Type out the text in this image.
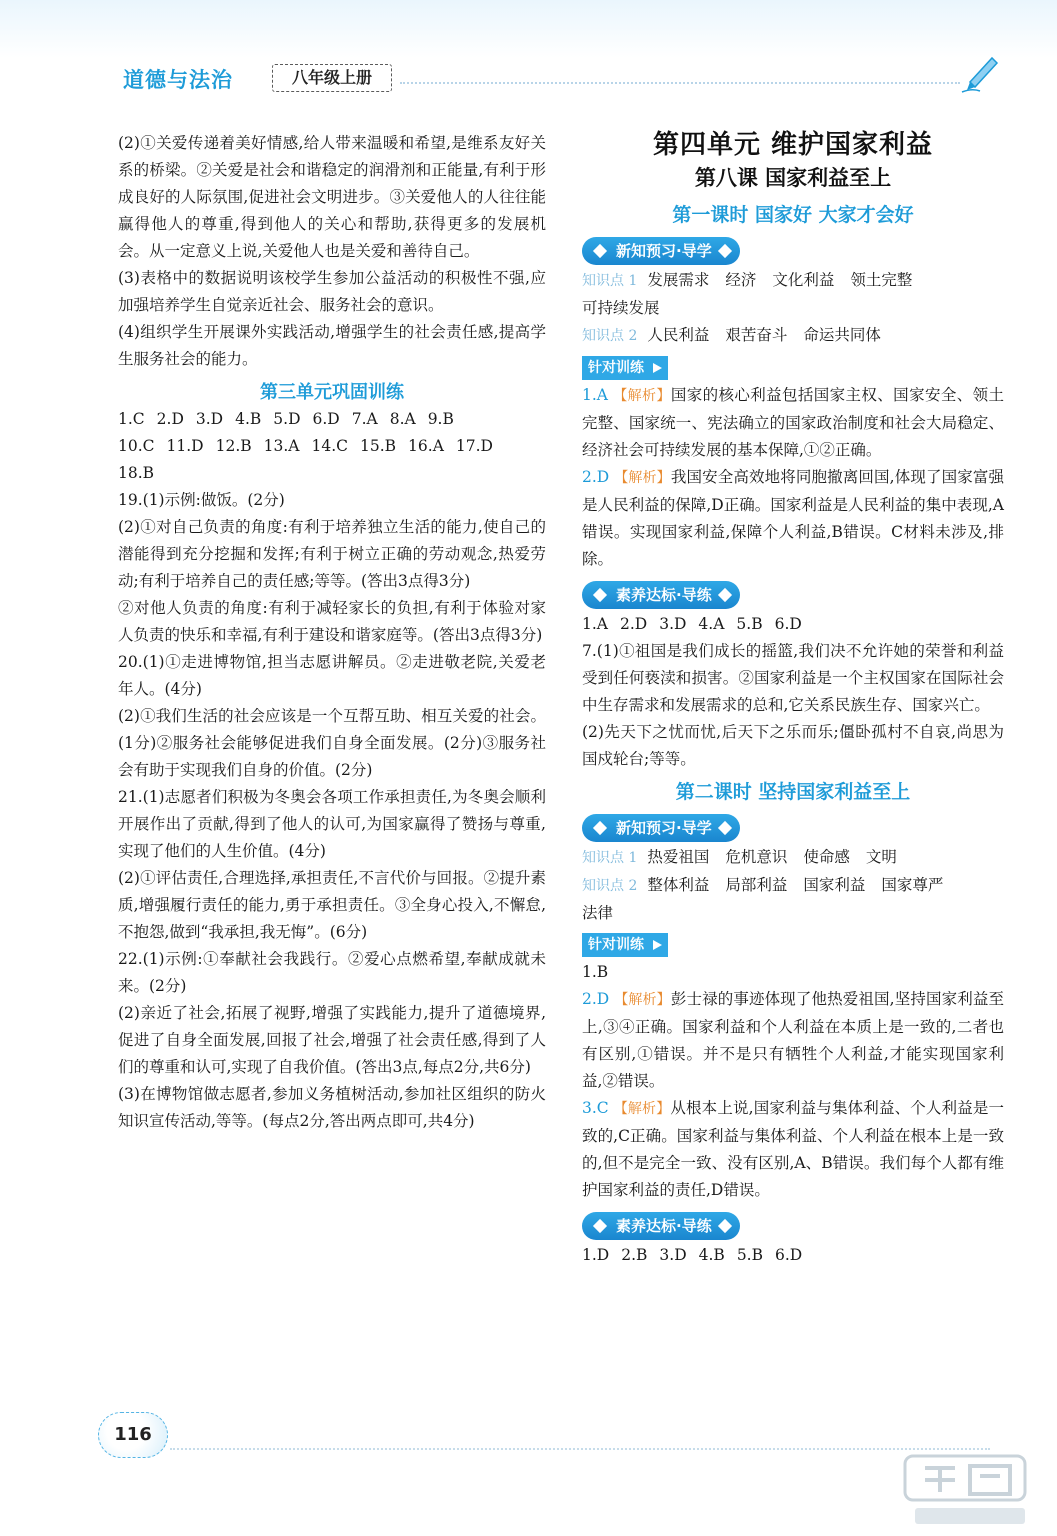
道德与法治	八年级上册

(2)①关爱传递着美好情感,给人带来温暖和希望,是维系友好关系的桥梁。②关爱是社会和谐稳定的润滑剂和正能量,有利于形成良好的人际氛围,促进社会文明进步。③关爱他人的人往往能赢得他人的尊重,得到他人的关心和帮助,获得更多的发展机会。从一定意义上说,关爱他人也是关爱和善待自己。

(3)表格中的数据说明该校学生参加公益活动的积极性不强,应加强培养学生自觉亲近社会、服务社会的意识。

(4)组织学生开展课外实践活动,增强学生的社会责任感,提高学生服务社会的能力。

第三单元巩固训练
1.C 2.D 3.D 4.B 5.D 6.D 7.A 8.A 9.B
10.C 11.D 12.B 13.A 14.C 15.B 16.A 17.D
18.B

19.(1)示例:做饭。(2分)

(2)①对自己负责的角度:有利于培养独立生活的能力,使自己的潜能得到充分挖掘和发挥;有利于树立正确的劳动观念,热爱劳动;有利于培养自己的责任感;等等。(答出3点得3分)

②对他人负责的角度:有利于减轻家长的负担,有利于体验对家人负责的快乐和幸福,有利于建设和谐家庭等。(答出3点得3分)

20.(1)①走进博物馆,担当志愿讲解员。②走进敬老院,关爱老年人。(4分)

(2)①我们生活的社会应该是一个互帮互助、相互关爱的社会。(1分)②服务社会能够促进我们自身全面发展。(2分)③服务社会有助于实现我们自身的价值。(2分)

21.(1)志愿者们积极为冬奥会各项工作承担责任,为冬奥会顺利开展作出了贡献,得到了他人的认可,为国家赢得了赞扬与尊重,实现了他们的人生价值。(4分)

(2)①评估责任,合理选择,承担责任,不言代价与回报。②提升素质,增强履行责任的能力,勇于承担责任。③全身心投入,不懈怠,不抱怨,做到“我承担,我无悔”。(6分)

22.(1)示例:①奉献社会我践行。②爱心点燃希望,奉献成就未来。(2分)

(2)亲近了社会,拓展了视野,增强了实践能力,提升了道德境界,促进了自身全面发展,回报了社会,增强了社会责任感,得到了人们的尊重和认可,实现了自我价值。(答出3点,每点2分,共6分)

(3)在博物馆做志愿者,参加义务植树活动,参加社区组织的防火知识宣传活动,等等。(每点2分,答出两点即可,共4分)

第四单元 维护国家利益
第八课 国家利益至上
第一课时 国家好 大家才会好
新知预习·导学
知识点 1 发展需求 经济 文化利益 领土完整
可持续发展
知识点 2 人民利益 艰苦奋斗 命运共同体
针对训练

1.A 【解析】国家的核心利益包括国家主权、国家安全、领土完整、国家统一、宪法确立的国家政治制度和社会大局稳定、经济社会可持续发展的基本保障,①②正确。

2.D 【解析】我国安全高效地将同胞撤离回国,体现了国家富强是人民利益的保障,D正确。国家利益是人民利益的集中表现,A错误。实现国家利益,保障个人利益,B错误。C材料未涉及,排除。

素养达标·导练
1.A 2.D 3.D 4.A 5.B 6.D

7.(1)①祖国是我们成长的摇篮,我们决不允许她的荣誉和利益受到任何亵渎和损害。②国家利益是一个主权国家在国际社会中生存需求和发展需求的总和,它关系民族生存、国家兴亡。

(2)先天下之忧而忧,后天下之乐而乐;僵卧孤村不自哀,尚思为国戍轮台;等等。

第二课时 坚持国家利益至上
新知预习·导学
知识点 1 热爱祖国 危机意识 使命感 文明
知识点 2 整体利益 局部利益 国家利益 国家尊严
法律
针对训练
1.B

2.D 【解析】彭士禄的事迹体现了他热爱祖国,坚持国家利益至上,③④正确。国家利益和个人利益在本质上是一致的,二者也有区别,①错误。并不是只有牺牲个人利益,才能实现国家利益,②错误。

3.C 【解析】从根本上说,国家利益与集体利益、个人利益是一致的,C正确。国家利益与集体利益、个人利益在根本上是一致的,但不是完全一致、没有区别,A、B错误。我们每个人都有维护国家利益的责任,D错误。

素养达标·导练
1.D 2.B 3.D 4.B 5.B 6.D
116
